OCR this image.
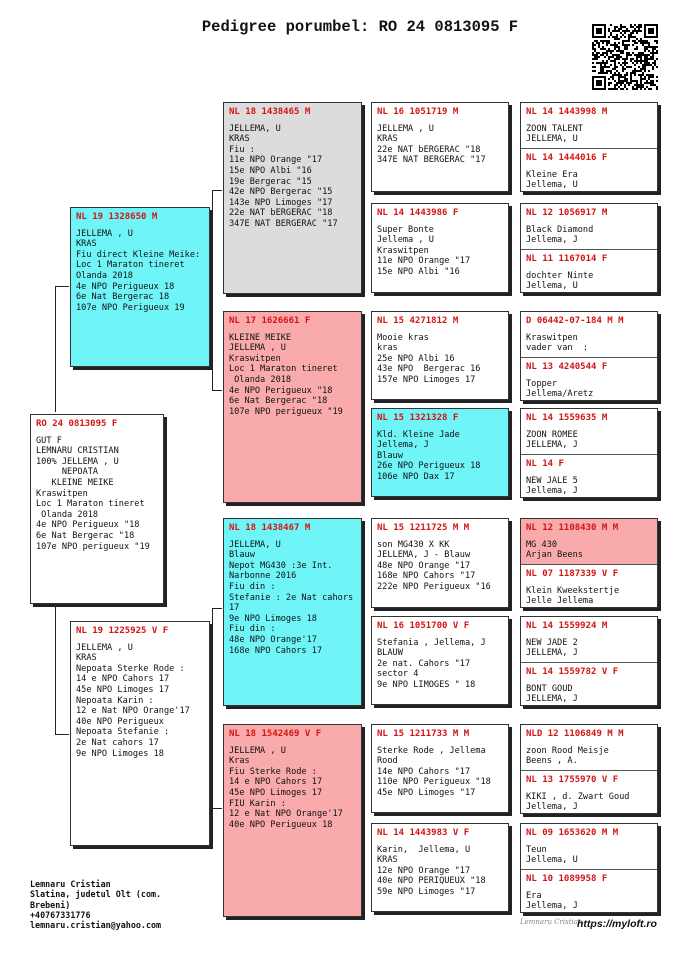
Pedigree porumbel: RO 24 0813095 F
RO 24 0813095 F
GUT F
LEMNARU CRISTIAN
100% JELLEMA , U
NEPOATA
KLEINE MEIKE
Kraswitpen
Loc 1 Maraton tineret
Olanda 2018
4e NPO Perigueux "18
6e Nat Bergerac "18
107e NPO perigueux "19
NL 19 1328650 M
JELLEMA , U
KRAS
Fiu direct Kleine Meike:
Loc 1 Maraton tineret
Olanda 2018
4e NPO Perigueux 18
6e Nat Bergerac 18
107e NPO Perigueux 19
NL 19 1225925 V F
JELLEMA , U
KRAS
Nepoata Sterke Rode :
14 e NPO Cahors 17
45e NPO Limoges 17
Nepoata Karin :
12 e Nat NPO Orange'17
40e NPO Perigueux
Nepoata Stefanie :
2e Nat cahors 17
9e NPO Limoges 18
NL 18 1438465 M
JELLEMA, U
KRAS
Fiu :
11e NPO Orange "17
15e NPO Albi "16
19e Bergerac "15
42e NPO Bergerac "15
143e NPO Limoges "17
22e NAT bERGERAC "18
347E NAT BERGERAC "17
NL 17 1626661 F
KLEINE MEIKE
JELLEMA , U
Kraswitpen
Loc 1 Maraton tineret
Olanda 2018
4e NPO Perigueux "18
6e Nat Bergerac "18
107e NPO perigueux "19
NL 18 1438467 M
JELLEMA, U
Blauw
Nepot MG430 :3e Int.
Narbonne 2016
Fiu din :
Stefanie : 2e Nat cahors
17
9e NPO Limoges 18
Fiu din :
48e NPO Orange'17
168e NPO Cahors 17
NL 18 1542469 V F
JELLEMA , U
Kras
Fiu Sterke Rode :
14 e NPO Cahors 17
45e NPO Limoges 17
FIU Karin :
12 e Nat NPO Orange'17
40e NPO Perigueux 18
NL 16 1051719 M
JELLEMA , U
KRAS
22e NAT bERGERAC "18
347E NAT BERGERAC "17
NL 14 1443986 F
Super Bonte
Jellema , U
Kraswitpen
11e NPO Orange "17
15e NPO Albi "16
NL 15 4271812 M
Mooie kras
kras
25e NPO Albi 16
43e NPO  Bergerac 16
157e NPO Limoges 17
NL 15 1321328 F
Kld. Kleine Jade
Jellema, J
Blauw
26e NPO Perigueux 18
106e NPO Dax 17
NL 15 1211725 M M
son MG430 X KK
JELLEMA, J - Blauw
48e NPO Orange "17
168e NPO Cahors "17
222e NPO Perigueux "16
NL 16 1051700 V F
Stefania , Jellema, J
BLAUW
2e nat. Cahors "17
sector 4
9e NPO LIMOGES " 18
NL 15 1211733 M M
Sterke Rode , Jellema
Rood
14e NPO Cahors "17
110e NPO Perigueux "18
45e NPO Limoges "17
NL 14 1443983 V F
Karin,  Jellema, U
KRAS
12e NPO Orange "17
40e NPO PERIQUEUX "18
59e NPO Limoges "17
NL 14 1443998 M
ZOON TALENT
JELLEMA, U
NL 14 1444016 F
Kleine Era
Jellema, U
NL 12 1056917 M
Black Diamond
Jellema, J
NL 11 1167014 F
dochter Ninte
Jellema, U
D 06442-07-184 M M
Kraswitpen
vader van  :
NL 13 4240544 F
Topper
Jellema/Aretz
NL 14 1559635 M
ZOON ROMEE
JELLEMA, J
NL 14 F
NEW JALE 5
Jellema, J
NL 12 1108430 M M
MG 430
Arjan Beens
NL 07 1187339 V F
Klein Kweekstertje
Jelle Jellema
NL 14 1559924 M
NEW JADE 2
JELLEMA, J
NL 14 1559782 V F
BONT GOUD
JELLEMA, J
NLD 12 1106849 M M
zoon Rood Meisje
Beens , A.
NL 13 1755970 V F
KIKI , d. Zwart Goud
Jellema, J
NL 09 1653620 M M
Teun
Jellema, U
NL 10 1089958 F
Era
Jellema, J
Lemnaru Cristian
Slatina, judetul Olt (com.
Brebeni)
+40767331776
lemnaru.cristian@yahoo.com	Lemnaru Cristian
https://myloft.ro
